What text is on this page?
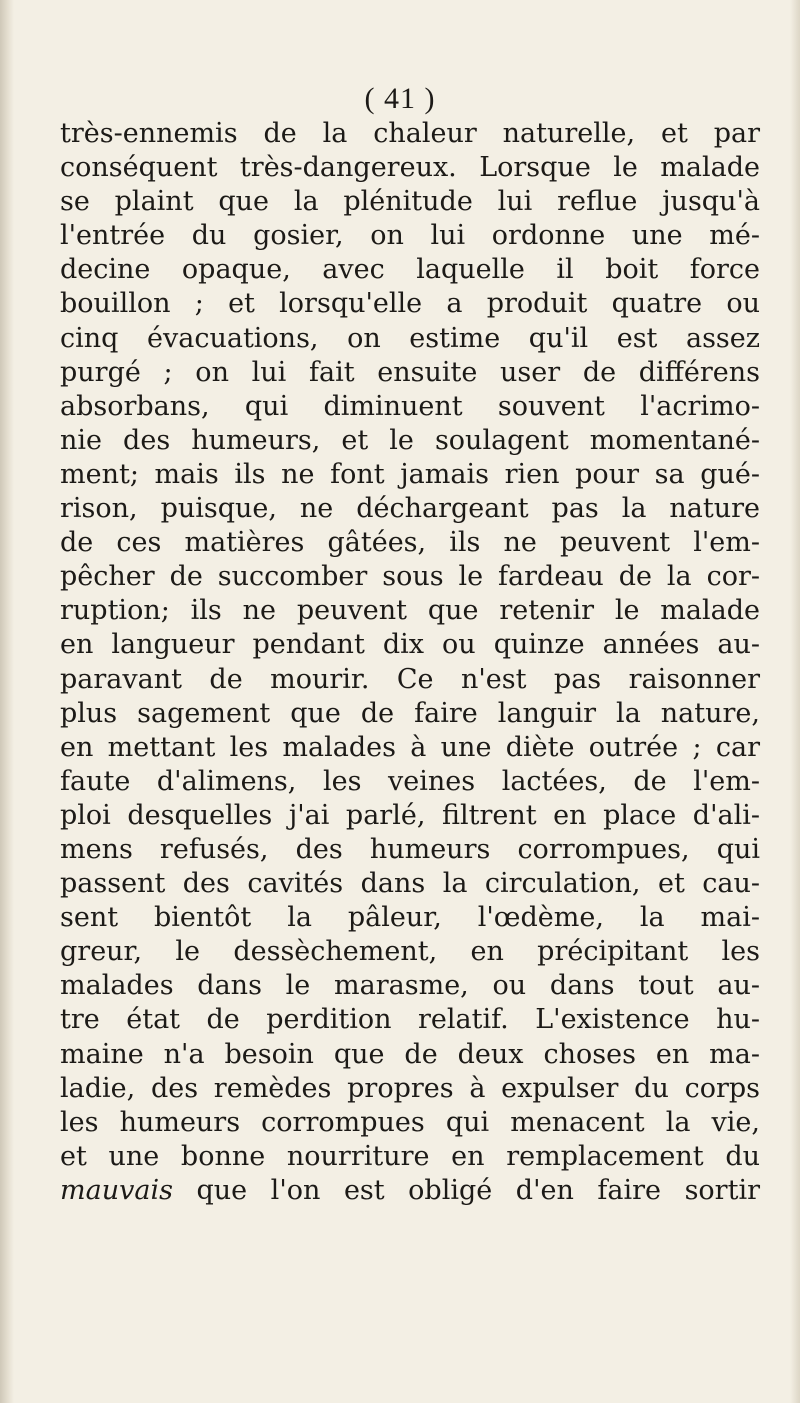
( 41 )
très-ennemis de la chaleur naturelle, et par
conséquent très-dangereux. Lorsque le malade
se plaint que la plénitude lui reflue jusqu'à
l'entrée du gosier, on lui ordonne une mé-
decine opaque, avec laquelle il boit force
bouillon ; et lorsqu'elle a produit quatre ou
cinq évacuations, on estime qu'il est assez
purgé ; on lui fait ensuite user de différens
absorbans, qui diminuent souvent l'acrimo-
nie des humeurs, et le soulagent momentané-
ment; mais ils ne font jamais rien pour sa gué-
rison, puisque, ne déchargeant pas la nature
de ces matières gâtées, ils ne peuvent l'em-
pêcher de succomber sous le fardeau de la cor-
ruption; ils ne peuvent que retenir le malade
en langueur pendant dix ou quinze années au-
paravant de mourir. Ce n'est pas raisonner
plus sagement que de faire languir la nature,
en mettant les malades à une diète outrée ; car
faute d'alimens, les veines lactées, de l'em-
ploi desquelles j'ai parlé, filtrent en place d'ali-
mens refusés, des humeurs corrompues, qui
passent des cavités dans la circulation, et cau-
sent bientôt la pâleur, l'œdème, la mai-
greur, le dessèchement, en précipitant les
malades dans le marasme, ou dans tout au-
tre état de perdition relatif. L'existence hu-
maine n'a besoin que de deux choses en ma-
ladie, des remèdes propres à expulser du corps
les humeurs corrompues qui menacent la vie,
et une bonne nourriture en remplacement du
mauvais que l'on est obligé d'en faire sortir
